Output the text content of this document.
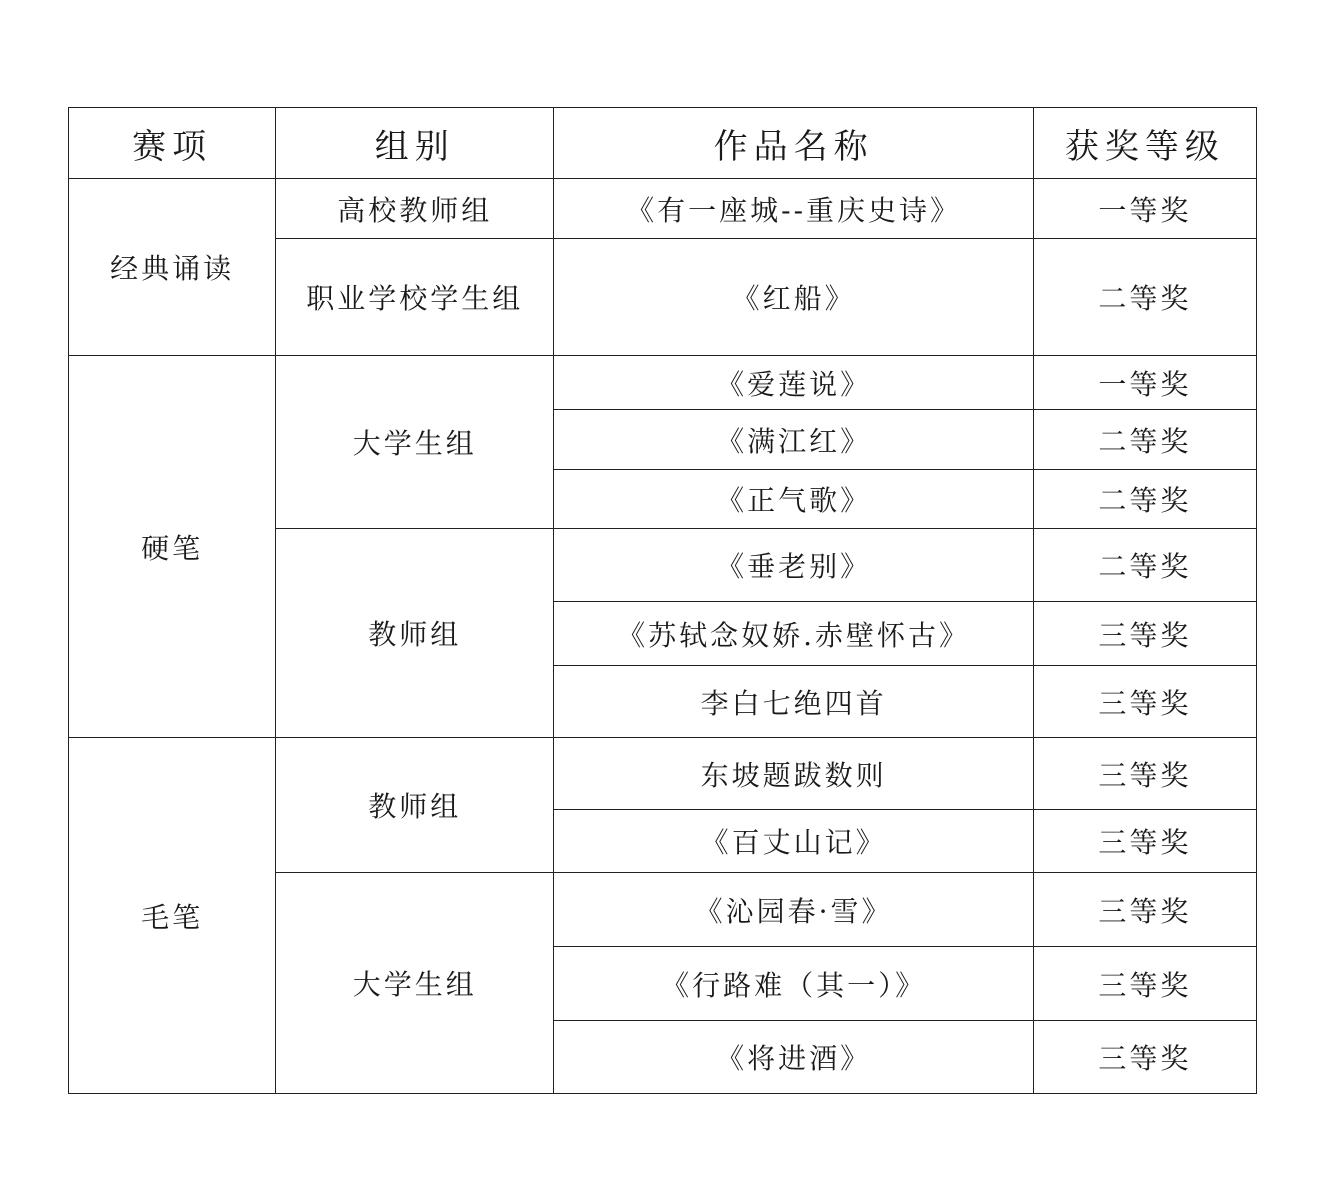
赛项	组别	作品名称	获奖等级
经典诵读	高校教师组	《有一座城--重庆史诗》	一等奖
	职业学校学生组	《红船》	二等奖
硬笔	大学生组	《爱莲说》	一等奖
		《满江红》	二等奖
		《正气歌》	二等奖
	教师组	《垂老别》	二等奖
		《苏轼念奴娇.赤壁怀古》	三等奖
		李白七绝四首	三等奖
毛笔	教师组	东坡题跋数则	三等奖
		《百丈山记》	三等奖
	大学生组	《沁园春·雪》	三等奖
		《行路难（其一）》	三等奖
		《将进酒》	三等奖
